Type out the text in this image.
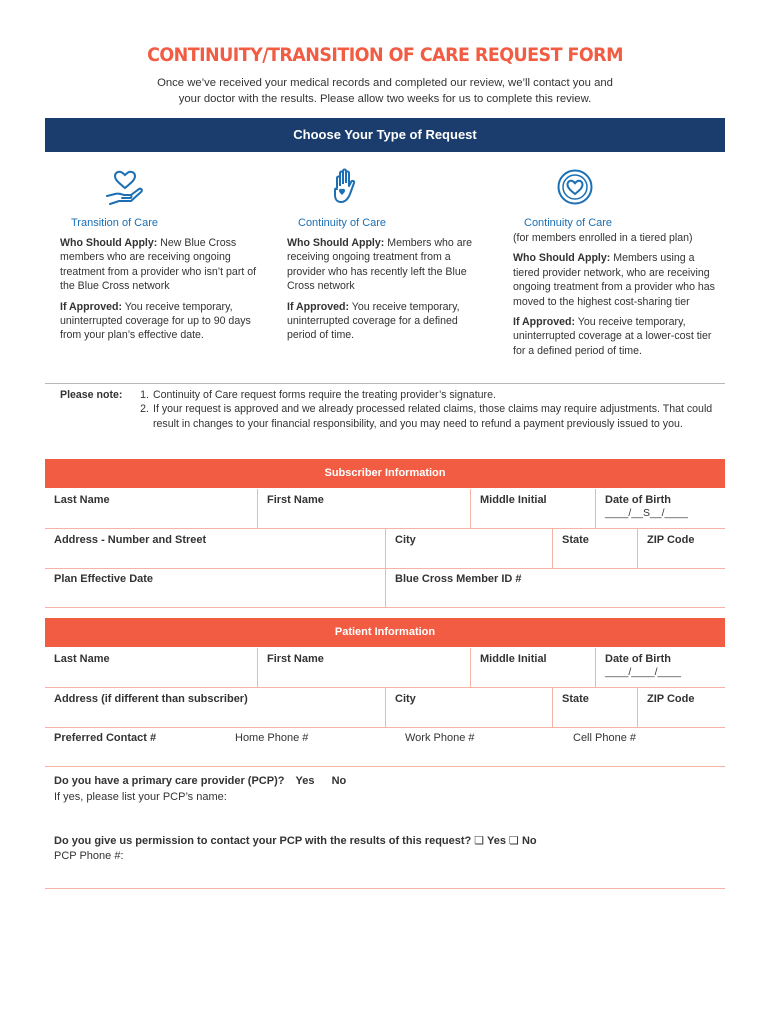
CONTINUITY/TRANSITION OF CARE REQUEST FORM
Once we’ve received your medical records and completed our review, we’ll contact you and
your doctor with the results. Please allow two weeks for us to complete this review.
Choose Your Type of Request
Transition of Care

Who Should Apply: New Blue Cross members who are receiving ongoing treatment from a provider who isn’t part of the Blue Cross network

If Approved: You receive temporary, uninterrupted coverage for up to 90 days from your plan’s effective date.

Continuity of Care

Who Should Apply: Members who are receiving ongoing treatment from a provider who has recently left the Blue Cross network

If Approved: You receive temporary, uninterrupted coverage for a defined period of time.

Continuity of Care

(for members enrolled in a tiered plan)

Who Should Apply: Members using a tiered provider network, who are receiving ongoing treatment from a provider who has moved to the highest cost-sharing tier

If Approved: You receive temporary, uninterrupted coverage at a lower-cost tier for a defined period of time.

Please note: 1. Continuity of Care request forms require the treating provider’s signature.
2. If your request is approved and we already processed related claims, those claims may require adjustments. That could result in changes to your financial responsibility, and you may need to refund a payment previously issued to you.
Subscriber Information
Last Name	First Name	Middle Initial	Date of Birth
____/__S__/____
Address - Number and Street	City	State	ZIP Code
Plan Effective Date	Blue Cross Member ID #
Patient Information
Last Name	First Name	Middle Initial	Date of Birth
____/____/____
Address (if different than subscriber)	City	State	ZIP Code
Preferred Contact #	Home Phone #	Work Phone #	Cell Phone #
Do you have a primary care provider (PCP)? Yes No
If yes, please list your PCP’s name:
Do you give us permission to contact your PCP with the results of this request? ❏ Yes ❏ No
PCP Phone #:
